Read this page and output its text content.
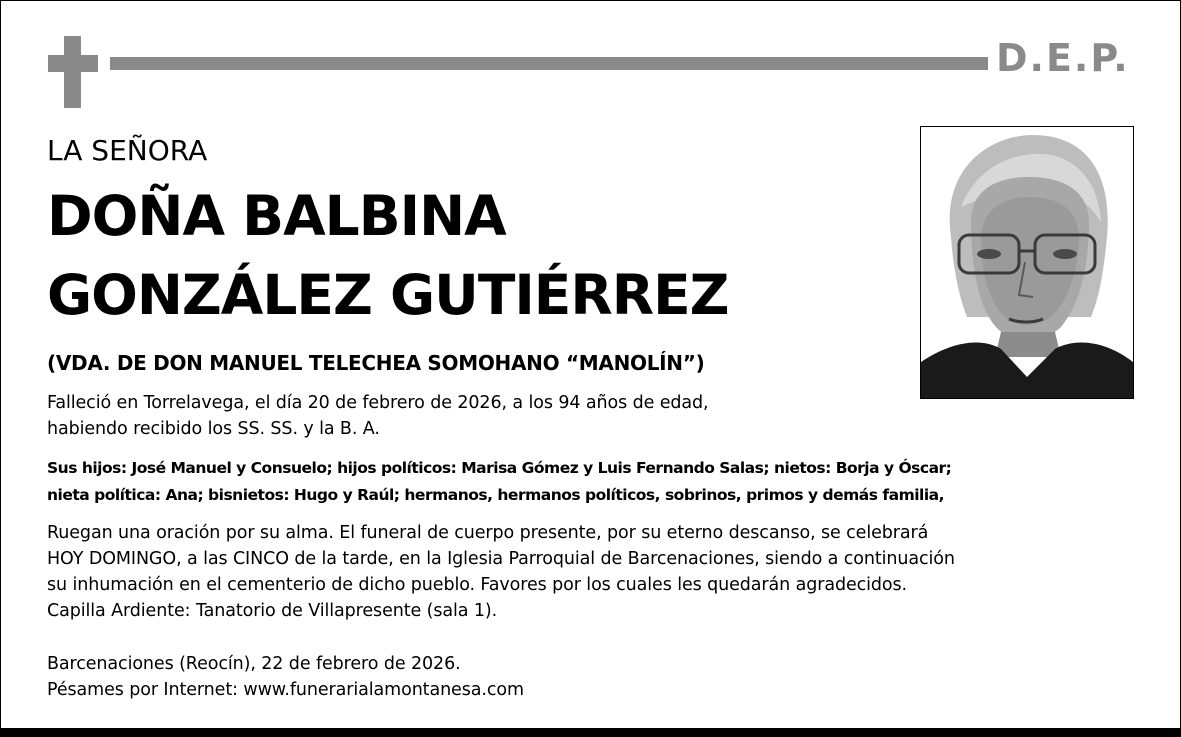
D.E.P.
LA SEÑORA
DOÑA BALBINA
GONZÁLEZ GUTIÉRREZ
(VDA. DE DON MANUEL TELECHEA SOMOHANO “MANOLÍN”)
Falleció en Torrelavega, el día 20 de febrero de 2026, a los 94 años de edad,
habiendo recibido los SS. SS. y la B. A.
Sus hijos: José Manuel y Consuelo; hijos políticos: Marisa Gómez y Luis Fernando Salas; nietos: Borja y Óscar;
nieta política: Ana; bisnietos: Hugo y Raúl; hermanos, hermanos políticos, sobrinos, primos y demás familia,
Ruegan una oración por su alma. El funeral de cuerpo presente, por su eterno descanso, se celebrará
HOY DOMINGO, a las CINCO de la tarde, en la Iglesia Parroquial de Barcenaciones, siendo a continuación
su inhumación en el cementerio de dicho pueblo. Favores por los cuales les quedarán agradecidos.
Capilla Ardiente: Tanatorio de Villapresente (sala 1).
Barcenaciones (Reocín), 22 de febrero de 2026.
Pésames por Internet: www.funerarialamontanesa.com
